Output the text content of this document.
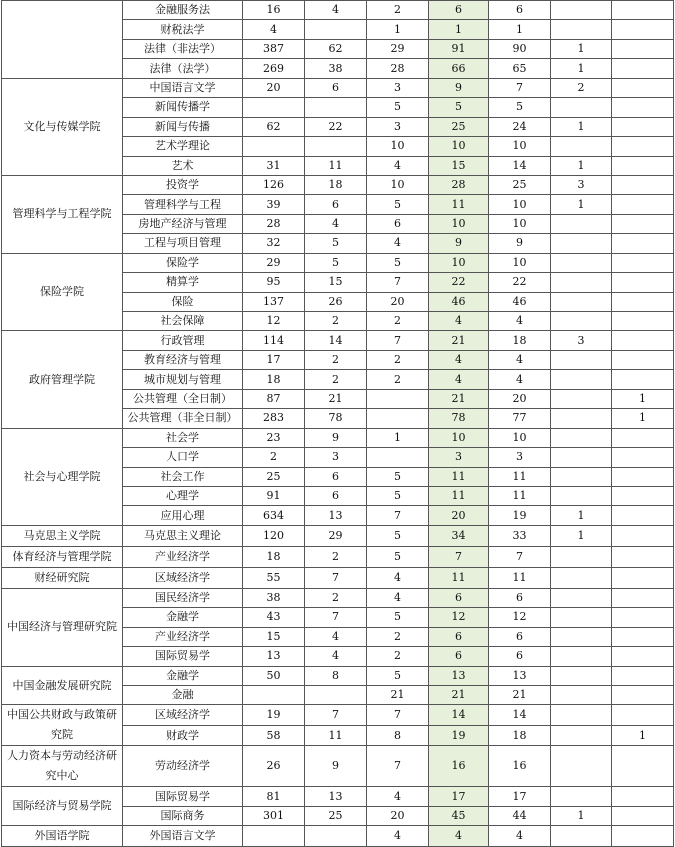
	金融服务法	16	4	2	6	6		
	财税法学	4		1	1	1		
	法律（非法学）	387	62	29	91	90	1	
	法律（法学）	269	38	28	66	65	1	
文化与传媒学院	中国语言文学	20	6	3	9	7	2	
	新闻传播学			5	5	5		
	新闻与传播	62	22	3	25	24	1	
	艺术学理论			10	10	10		
	艺术	31	11	4	15	14	1	
管理科学与工程学院	投资学	126	18	10	28	25	3	
	管理科学与工程	39	6	5	11	10	1	
	房地产经济与管理	28	4	6	10	10		
	工程与项目管理	32	5	4	9	9		
保险学院	保险学	29	5	5	10	10		
	精算学	95	15	7	22	22		
	保险	137	26	20	46	46		
	社会保障	12	2	2	4	4		
政府管理学院	行政管理	114	14	7	21	18	3	
	教育经济与管理	17	2	2	4	4		
	城市规划与管理	18	2	2	4	4		
	公共管理（全日制）	87	21		21	20		1
	公共管理（非全日制）	283	78		78	77		1
社会与心理学院	社会学	23	9	1	10	10		
	人口学	2	3		3	3		
	社会工作	25	6	5	11	11		
	心理学	91	6	5	11	11		
	应用心理	634	13	7	20	19	1	
马克思主义学院	马克思主义理论	120	29	5	34	33	1	
体育经济与管理学院	产业经济学	18	2	5	7	7		
财经研究院	区域经济学	55	7	4	11	11		
中国经济与管理研究院	国民经济学	38	2	4	6	6		
	金融学	43	7	5	12	12		
	产业经济学	15	4	2	6	6		
	国际贸易学	13	4	2	6	6		
中国金融发展研究院	金融学	50	8	5	13	13		
	金融			21	21	21		
中国公共财政与政策研究院	区域经济学	19	7	7	14	14		
	财政学	58	11	8	19	18		1
人力资本与劳动经济研究中心	劳动经济学	26	9	7	16	16		
国际经济与贸易学院	国际贸易学	81	13	4	17	17		
	国际商务	301	25	20	45	44	1	
外国语学院	外国语言文学			4	4	4		
